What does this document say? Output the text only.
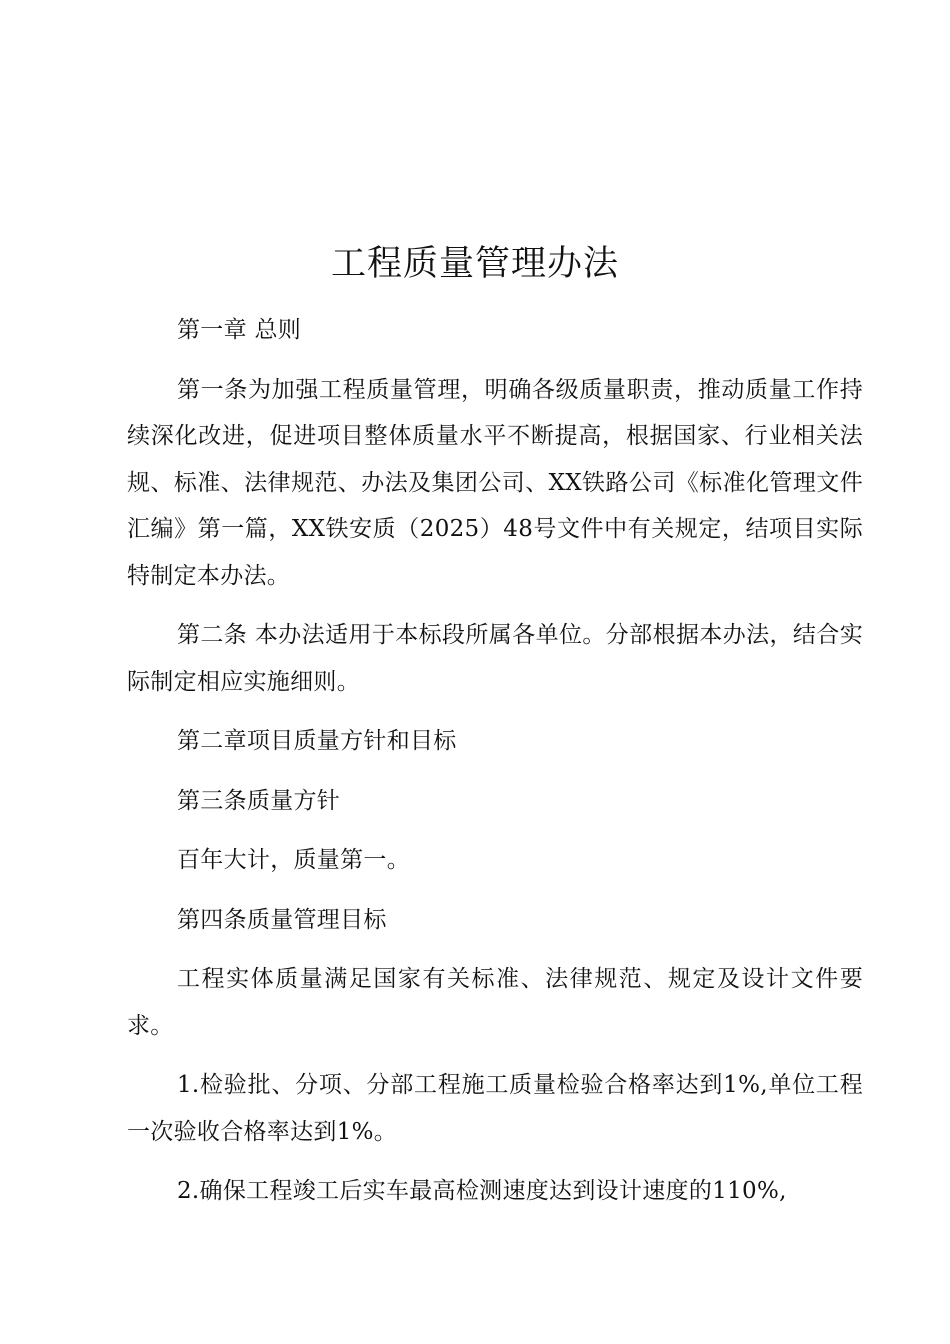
工程质量管理办法

第一章 总则

第一条为加强工程质量管理，明确各级质量职责，推动质量工作持续深化改进，促进项目整体质量水平不断提高，根据国家、行业相关法规、标准、法律规范、办法及集团公司、XX铁路公司《标准化管理文件汇编》第一篇，XX铁安质（2025）48号文件中有关规定，结项目实际特制定本办法。

第二条 本办法适用于本标段所属各单位。分部根据本办法，结合实际制定相应实施细则。

第二章项目质量方针和目标

第三条质量方针

百年大计，质量第一。

第四条质量管理目标

工程实体质量满足国家有关标准、法律规范、规定及设计文件要求。

1.检验批、分项、分部工程施工质量检验合格率达到1%,单位工程一次验收合格率达到1%。

2.确保工程竣工后实车最高检测速度达到设计速度的110%,
